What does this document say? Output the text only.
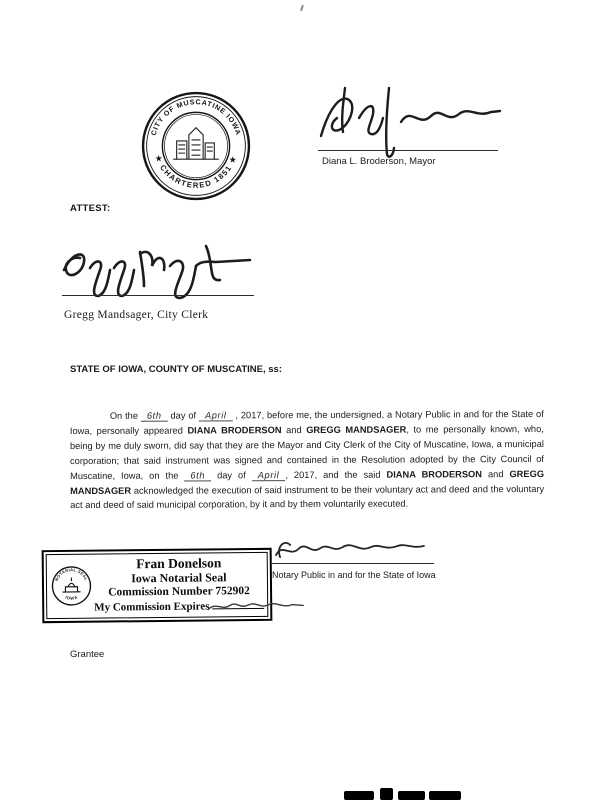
CITY OF MUSCATINE IOWA
★ CHARTERED 1851 ★	Diana L. Broderson, Mayor
ATTEST:
Gregg Mandsager, City Clerk
STATE OF IOWA, COUNTY OF MUSCATINE, ss:

On the 6th day of April , 2017, before me, the undersigned, a Notary Public in and for the State of Iowa, personally appeared DIANA BRODERSON and GREGG MANDSAGER, to me personally known, who, being by me duly sworn, did say that they are the Mayor and City Clerk of the City of Muscatine, Iowa, a municipal corporation; that said instrument was signed and contained in the Resolution adopted by the City Council of Muscatine, Iowa, on the 6th day of April , 2017, and the said DIANA BRODERSON and GREGG MANDSAGER acknowledged the execution of said instrument to be their voluntary act and deed and the voluntary act and deed of said municipal corporation, by it and by them voluntarily executed.

NOTARIAL SEAL
IOWA
Fran Donelson
Iowa Notarial Seal
Commission Number 752902
My Commission Expires
Notary Public in and for the State of Iowa
Grantee
